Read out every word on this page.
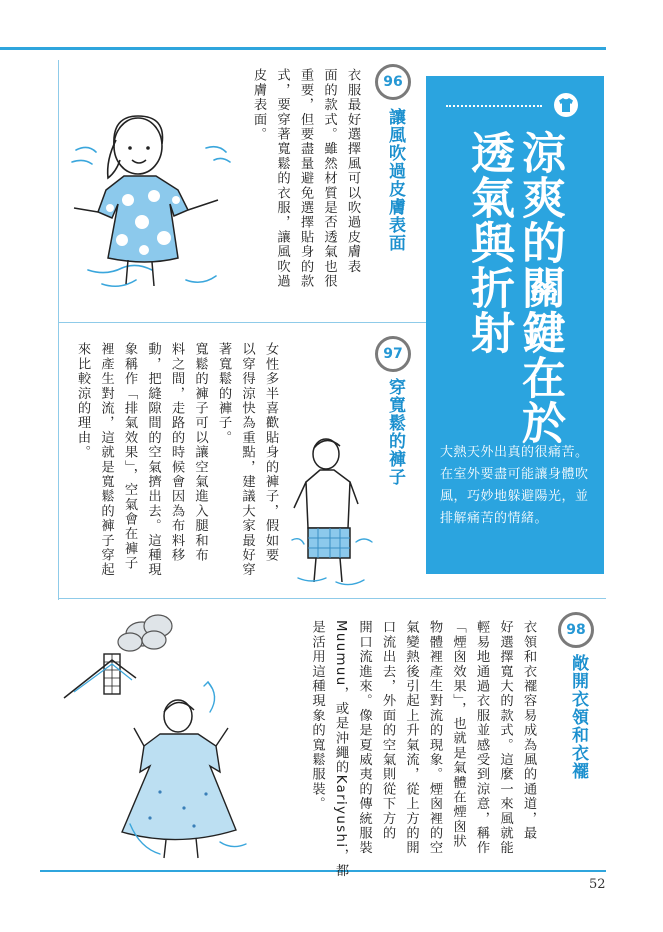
涼爽的關鍵在於
透氣與折射
大熱天外出真的很痛苦。在室外要盡可能讓身體吹風，巧妙地躲避陽光，並排解痛苦的情緒。
96
讓風吹過皮膚表面
衣服最好選擇風可以吹過皮膚表
面的款式。雖然材質是否透氣也很
重要，但要盡量避免選擇貼身的款
式，要穿著寬鬆的衣服，讓風吹過
皮膚表面。
97
穿寬鬆的褲子
女性多半喜歡貼身的褲子，假如要
以穿得涼快為重點，建議大家最好穿
著寬鬆的褲子。
寬鬆的褲子可以讓空氣進入腿和布
料之間，走路的時候會因為布料移
動，把縫隙間的空氣擠出去。這種現
象稱作「排氣效果」，空氣會在褲子
裡產生對流，這就是寬鬆的褲子穿起
來比較涼的理由。
98
敞開衣領和衣襬
衣領和衣襬容易成為風的通道，最
好選擇寬大的款式。這麼一來風就能
輕易地通過衣服並感受到涼意，稱作
「煙囪效果」，也就是氣體在煙囪狀
物體裡產生對流的現象。煙囪裡的空
氣變熱後引起上升氣流，從上方的開
口流出去，外面的空氣則從下方的
開口流進來。像是夏威夷的傳統服裝
Muumuu，或是沖繩的Kariyushi，都
是活用這種現象的寬鬆服裝。
52
